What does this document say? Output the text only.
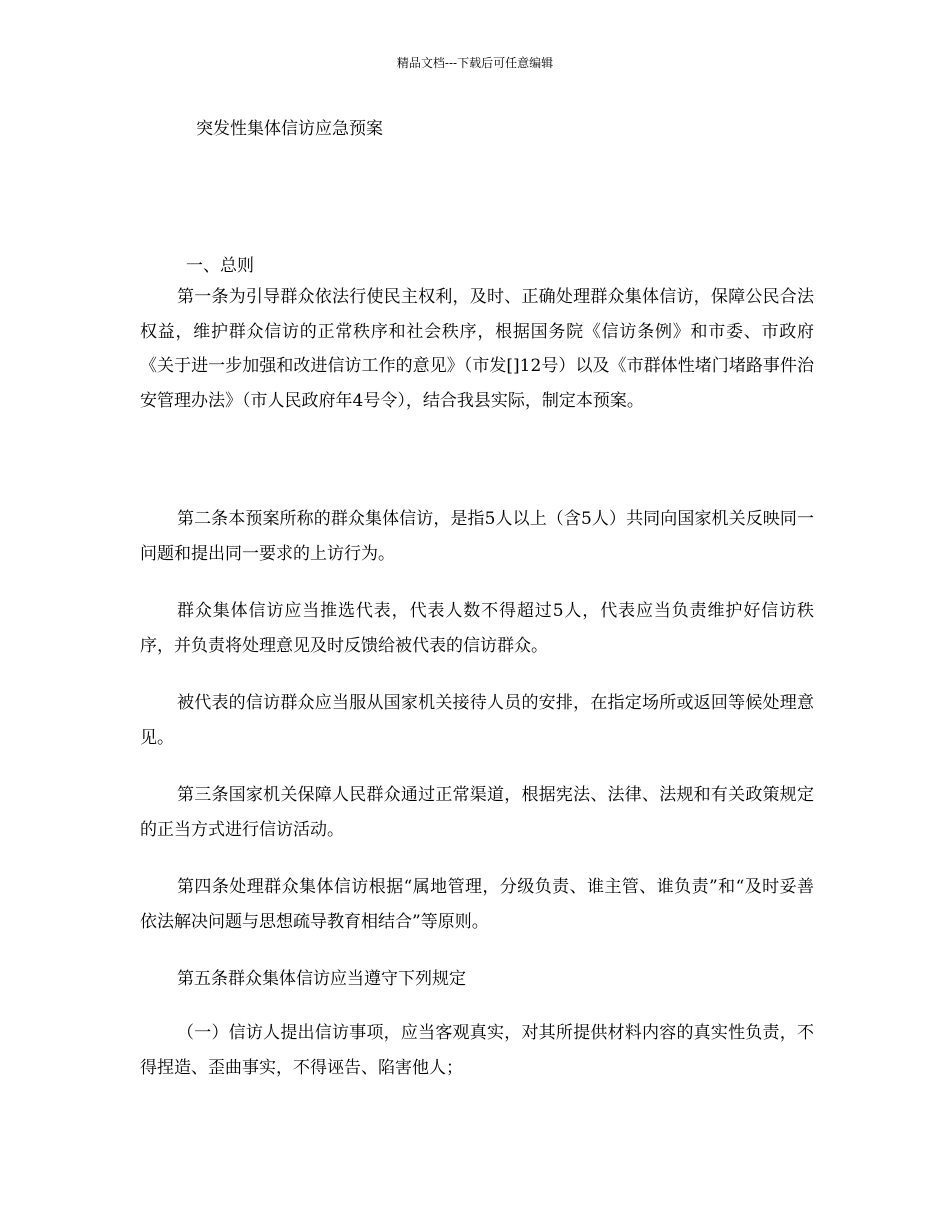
精品文档---下载后可任意编辑
突发性集体信访应急预案
一、总则
第一条为引导群众依法行使民主权利，及时、正确处理群众集体信访，保障公民合法权益，维护群众信访的正常秩序和社会秩序，根据国务院《信访条例》和市委、市政府《关于进一步加强和改进信访工作的意见》（市发[]12号）以及《市群体性堵门堵路事件治安管理办法》（市人民政府年4号令），结合我县实际，制定本预案。
第二条本预案所称的群众集体信访，是指5人以上（含5人）共同向国家机关反映同一问题和提出同一要求的上访行为。
群众集体信访应当推选代表，代表人数不得超过5人，代表应当负责维护好信访秩序，并负责将处理意见及时反馈给被代表的信访群众。
被代表的信访群众应当服从国家机关接待人员的安排，在指定场所或返回等候处理意见。
第三条国家机关保障人民群众通过正常渠道，根据宪法、法律、法规和有关政策规定的正当方式进行信访活动。
第四条处理群众集体信访根据“属地管理，分级负责、谁主管、谁负责”和“及时妥善依法解决问题与思想疏导教育相结合”等原则。
第五条群众集体信访应当遵守下列规定
（一）信访人提出信访事项，应当客观真实，对其所提供材料内容的真实性负责，不得捏造、歪曲事实，不得诬告、陷害他人；
